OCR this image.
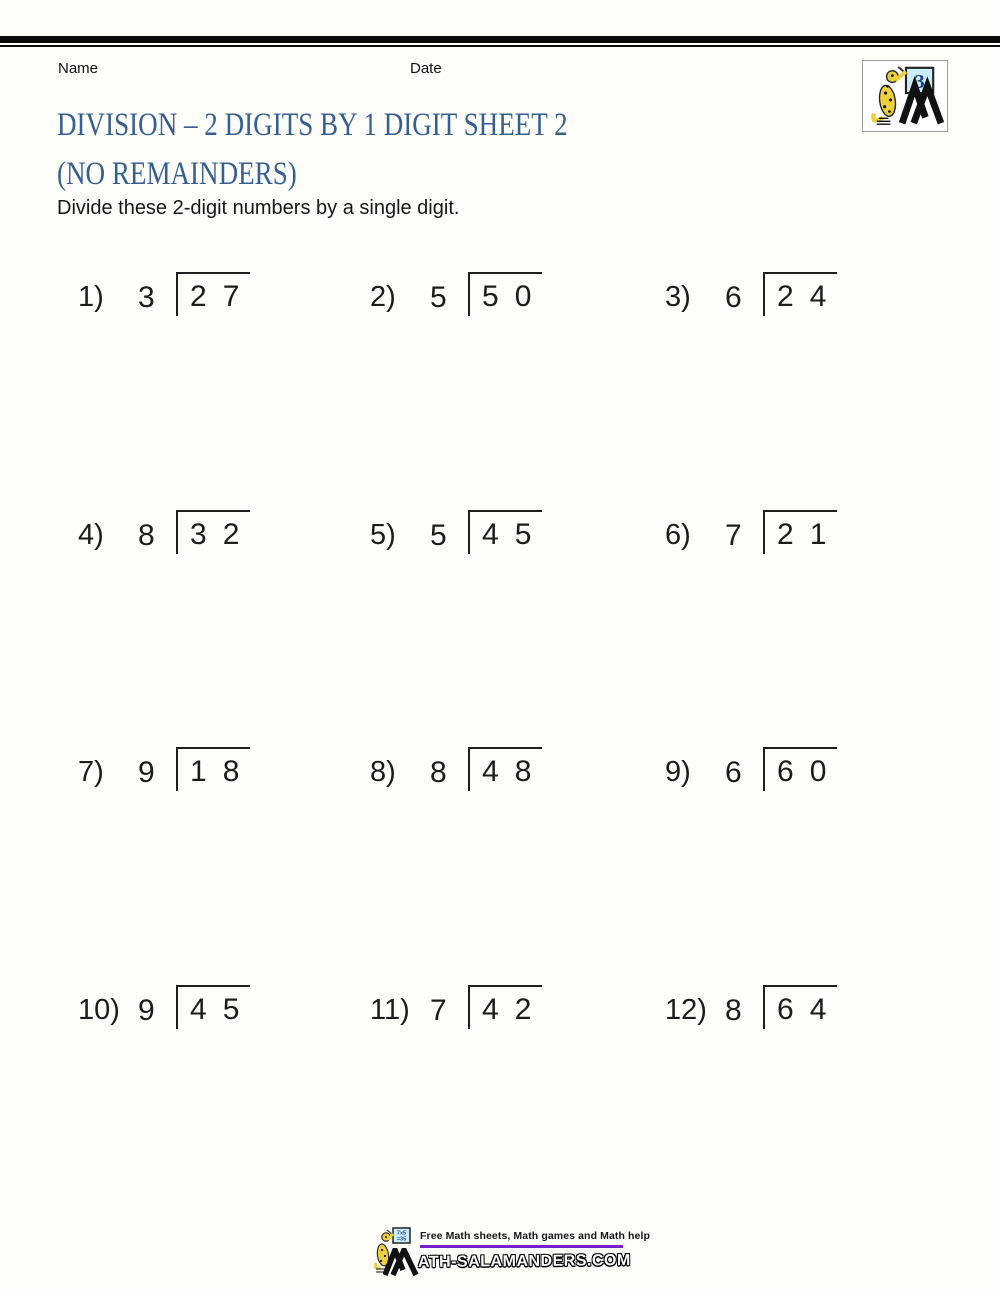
Name	Date
3
DIVISION – 2 DIGITS BY 1 DIGIT SHEET 2
(NO REMAINDERS)
Divide these 2-digit numbers by a single digit.
1)	3	2 7	2)	5	5 0	3)	6	2 4
4)	8	3 2	5)	5	4 5	6)	7	2 1
7)	9	1 8	8)	8	4 8	9)	6	6 0
10) 9	4 5	11) 7	4 2	12) 8	6 4
7x5
=35 Free Math sheets, Math games and Math help
ATH-SALAMANDERS.COM
